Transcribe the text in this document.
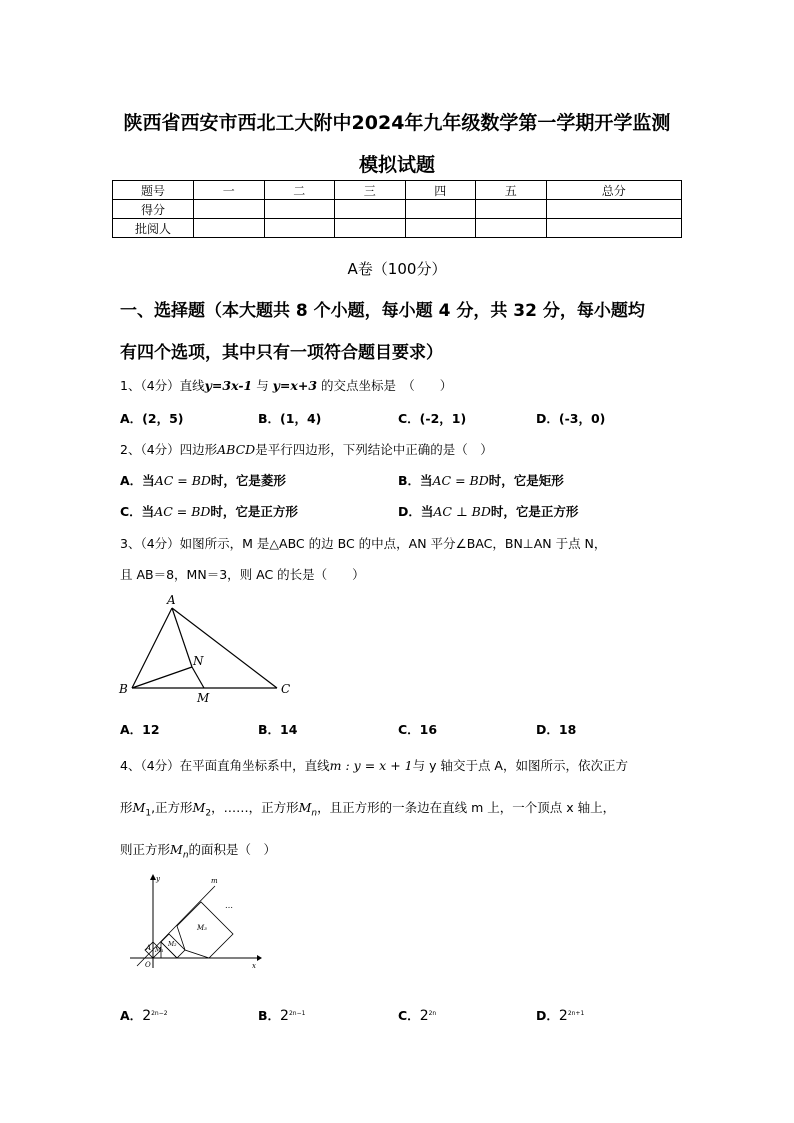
陕西省西安市西北工大附中2024年九年级数学第一学期开学监测
模拟试题
题号	一	二	三	四	五	总分
得分						
批阅人						
A卷（100分）
一、选择题（本大题共 8 个小题，每小题 4 分，共 32 分，每小题均
有四个选项，其中只有一项符合题目要求）
1、（4分）直线y=3x-1 与 y=x+3 的交点坐标是　（　　）
A．(2，5)	B．(1，4)	C．(-2，1)	D．(-3，0)
2、（4分）四边形ABCD是平行四边形，下列结论中正确的是（　）
A．当AC = BD时，它是菱形	B．当AC = BD时，它是矩形
C．当AC = BD时，它是正方形	D．当AC ⊥ BD时，它是正方形
3、（4分）如图所示，M 是△ABC 的边 BC 的中点，AN 平分∠BAC，BN⊥AN 于点 N，
且 AB＝8，MN＝3，则 AC 的长是（　　）
A
B	C
M
N
A．12	B．14	C．16	D．18
4、（4分）在平面直角坐标系中，直线m : y = x + 1与 y 轴交于点 A，如图所示，依次正方
形$M_1$,正方形$M_2$，……，正方形$M_n$，且正方形的一条边在直线 m 上，一个顶点 x 轴上，
则正方形$M_n$的面积是（　）
y	m
x
O
A M₁
M₂
M₃
…
A．$2^{2n-2}$	B．$2^{2n-1}$	C．$2^{2n}$	D．$2^{2n+1}$
